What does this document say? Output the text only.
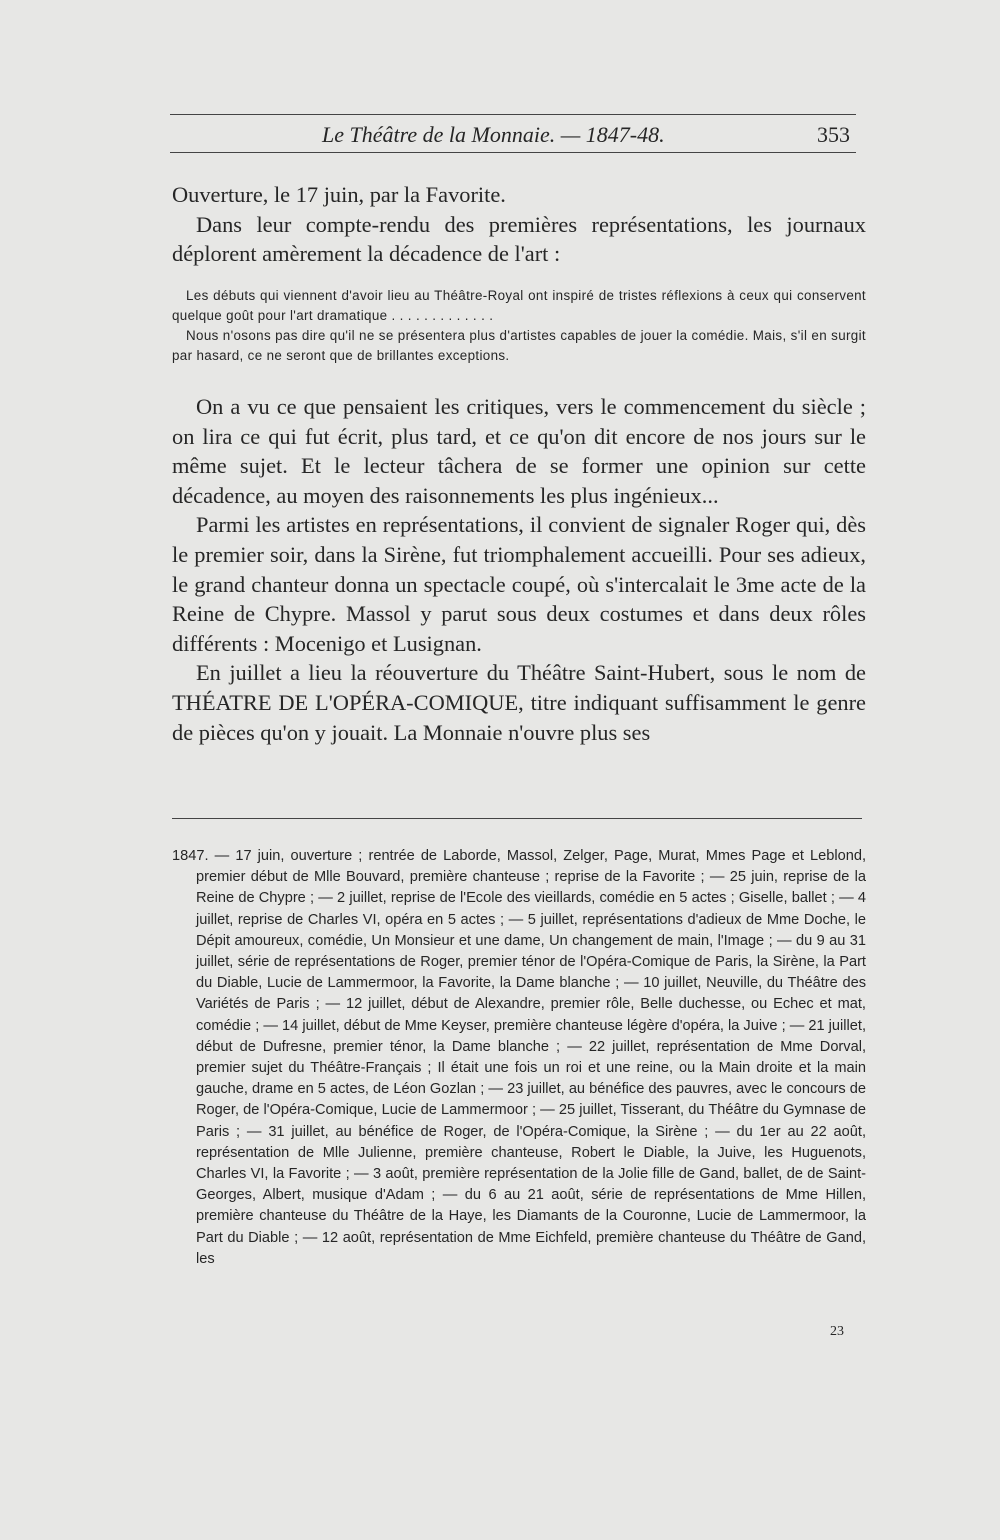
Le Théâtre de la Monnaie. — 1847-48.	353

Ouverture, le 17 juin, par la Favorite.

Dans leur compte-rendu des premières représentations, les journaux déplorent amèrement la décadence de l'art :

Les débuts qui viennent d'avoir lieu au Théâtre-Royal ont inspiré de tristes réflexions à ceux qui conservent quelque goût pour l'art dramatique . . . . . . . . . . . . .

Nous n'osons pas dire qu'il ne se présentera plus d'artistes capables de jouer la comédie. Mais, s'il en surgit par hasard, ce ne seront que de brillantes exceptions.

On a vu ce que pensaient les critiques, vers le commencement du siècle ; on lira ce qui fut écrit, plus tard, et ce qu'on dit encore de nos jours sur le même sujet. Et le lecteur tâchera de se former une opinion sur cette décadence, au moyen des raisonnements les plus ingénieux...

Parmi les artistes en représentations, il convient de signaler Roger qui, dès le premier soir, dans la Sirène, fut triomphalement accueilli. Pour ses adieux, le grand chanteur donna un spectacle coupé, où s'intercalait le 3me acte de la Reine de Chypre. Massol y parut sous deux costumes et dans deux rôles différents : Mocenigo et Lusignan.

En juillet a lieu la réouverture du Théâtre Saint-Hubert, sous le nom de THÉATRE DE L'OPÉRA-COMIQUE, titre indiquant suffisamment le genre de pièces qu'on y jouait. La Monnaie n'ouvre plus ses

1847. — 17 juin, ouverture ; rentrée de Laborde, Massol, Zelger, Page, Murat, Mmes Page et Leblond, premier début de Mlle Bouvard, première chanteuse ; reprise de la Favorite ; — 25 juin, reprise de la Reine de Chypre ; — 2 juillet, reprise de l'Ecole des vieillards, comédie en 5 actes ; Giselle, ballet ; — 4 juillet, reprise de Charles VI, opéra en 5 actes ; — 5 juillet, représentations d'adieux de Mme Doche, le Dépit amoureux, comédie, Un Monsieur et une dame, Un changement de main, l'Image ; — du 9 au 31 juillet, série de représentations de Roger, premier ténor de l'Opéra-Comique de Paris, la Sirène, la Part du Diable, Lucie de Lammermoor, la Favorite, la Dame blanche ; — 10 juillet, Neuville, du Théâtre des Variétés de Paris ; — 12 juillet, début de Alexandre, premier rôle, Belle duchesse, ou Echec et mat, comédie ; — 14 juillet, début de Mme Keyser, première chanteuse légère d'opéra, la Juive ; — 21 juillet, début de Dufresne, premier ténor, la Dame blanche ; — 22 juillet, représentation de Mme Dorval, premier sujet du Théâtre-Français ; Il était une fois un roi et une reine, ou la Main droite et la main gauche, drame en 5 actes, de Léon Gozlan ; — 23 juillet, au bénéfice des pauvres, avec le concours de Roger, de l'Opéra-Comique, Lucie de Lammermoor ; — 25 juillet, Tisserant, du Théâtre du Gymnase de Paris ; — 31 juillet, au bénéfice de Roger, de l'Opéra-Comique, la Sirène ; — du 1er au 22 août, représentation de Mlle Julienne, première chanteuse, Robert le Diable, la Juive, les Huguenots, Charles VI, la Favorite ; — 3 août, première représentation de la Jolie fille de Gand, ballet, de de Saint-Georges, Albert, musique d'Adam ; — du 6 au 21 août, série de représentations de Mme Hillen, première chanteuse du Théâtre de la Haye, les Diamants de la Couronne, Lucie de Lammermoor, la Part du Diable ; — 12 août, représentation de Mme Eichfeld, première chanteuse du Théâtre de Gand, les

23
